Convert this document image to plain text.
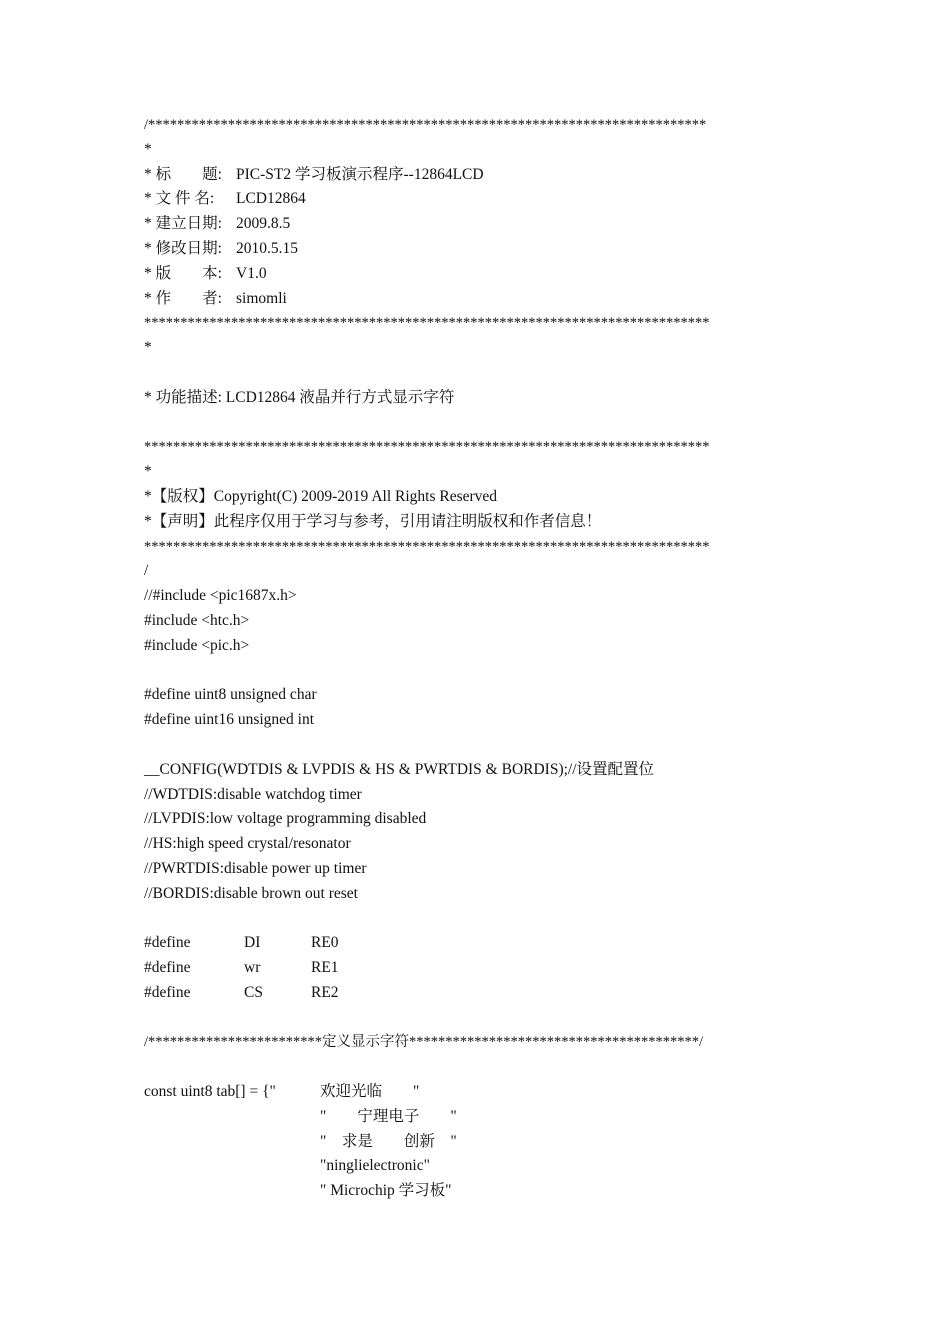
/*****************************************************************************
*
* 标　　题: PIC-ST2 学习板演示程序--12864LCD
* 文 件 名: LCD12864
* 建立日期: 2009.8.5
* 修改日期: 2010.5.15
* 版　　本: V1.0
* 作　　者: simomli
******************************************************************************
*
* 功能描述: LCD12864 液晶并行方式显示字符
******************************************************************************
*
*【版权】Copyright(C) 2009-2019 All Rights Reserved
*【声明】此程序仅用于学习与参考，引用请注明版权和作者信息！
******************************************************************************
/
//#include <pic1687x.h>
#include <htc.h>
#include <pic.h>
#define uint8 unsigned char
#define uint16 unsigned int
__CONFIG(WDTDIS & LVPDIS & HS & PWRTDIS & BORDIS);//设置配置位
//WDTDIS:disable watchdog timer
//LVPDIS:low voltage programming disabled
//HS:high speed crystal/resonator
//PWRTDIS:disable power up timer
//BORDIS:disable brown out reset
#define	DI	RE0
#define	wr	RE1
#define	CS	RE2
/************************定义显示字符****************************************/
const uint8 tab[] = {"	欢迎光临　　"
"　　宁理电子　　"
"　求是　　创新　"
"ninglielectronic"
" Microchip 学习板"
